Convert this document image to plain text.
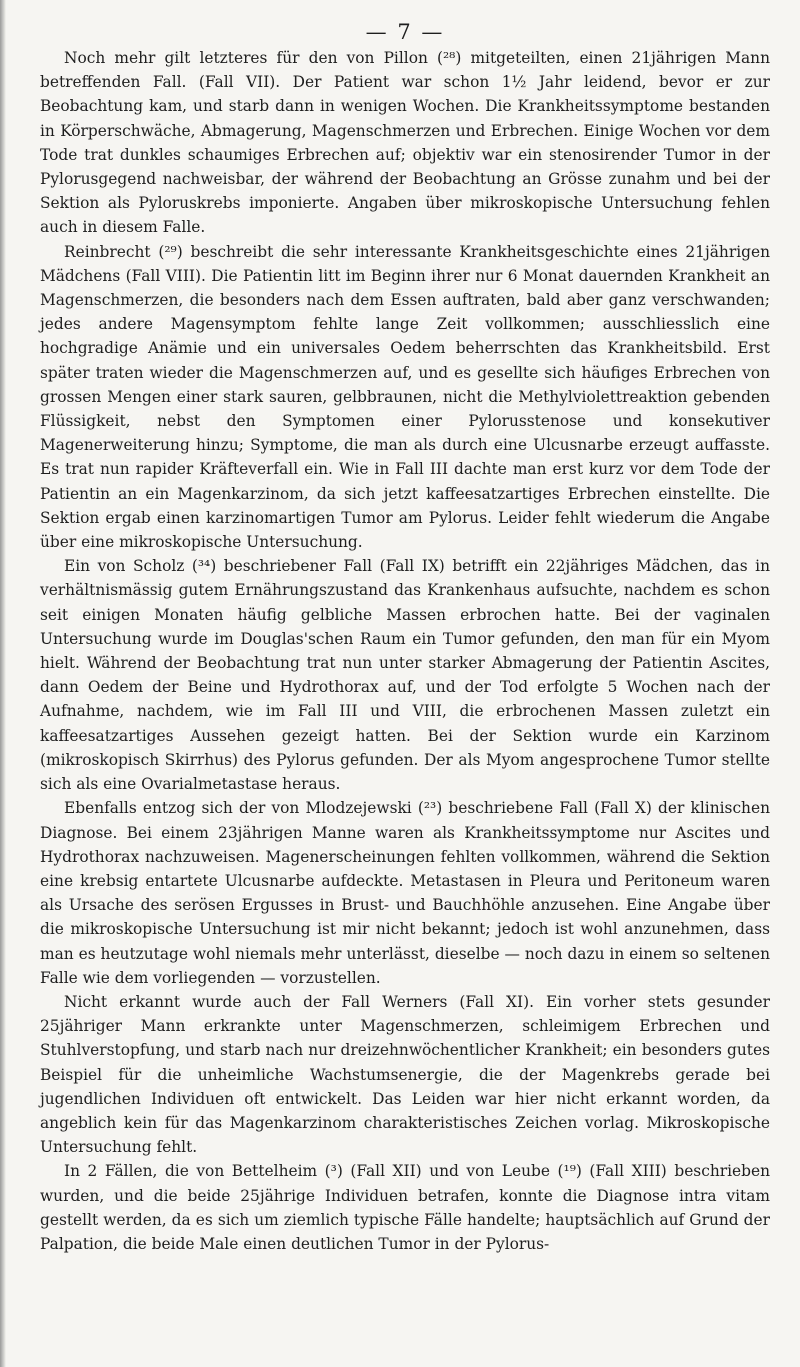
— 7 —

Noch mehr gilt letzteres für den von Pillon (²⁸) mitgeteilten, einen 21jährigen Mann betreffenden Fall. (Fall VII). Der Patient war schon 1½ Jahr leidend, bevor er zur Beobachtung kam, und starb dann in wenigen Wochen. Die Krankheitssymptome bestanden in Körperschwäche, Abmagerung, Magenschmerzen und Erbrechen. Einige Wochen vor dem Tode trat dunkles schaumiges Erbrechen auf; objektiv war ein stenosirender Tumor in der Pylorusgegend nachweisbar, der während der Beobachtung an Grösse zunahm und bei der Sektion als Pyloruskrebs imponierte. Angaben über mikroskopische Untersuchung fehlen auch in diesem Falle.

Reinbrecht (²⁹) beschreibt die sehr interessante Krankheitsgeschichte eines 21jährigen Mädchens (Fall VIII). Die Patientin litt im Beginn ihrer nur 6 Monat dauernden Krankheit an Magenschmerzen, die besonders nach dem Essen auftraten, bald aber ganz verschwanden; jedes andere Magensymptom fehlte lange Zeit vollkommen; ausschliesslich eine hochgradige Anämie und ein universales Oedem beherrschten das Krankheitsbild. Erst später traten wieder die Magenschmerzen auf, und es gesellte sich häufiges Erbrechen von grossen Mengen einer stark sauren, gelbbraunen, nicht die Methylviolettreaktion gebenden Flüssigkeit, nebst den Symptomen einer Pylorusstenose und konsekutiver Magenerweiterung hinzu; Symptome, die man als durch eine Ulcusnarbe erzeugt auffasste. Es trat nun rapider Kräfteverfall ein. Wie in Fall III dachte man erst kurz vor dem Tode der Patientin an ein Magenkarzinom, da sich jetzt kaffeesatzartiges Erbrechen einstellte. Die Sektion ergab einen karzinomartigen Tumor am Pylorus. Leider fehlt wiederum die Angabe über eine mikroskopische Untersuchung.

Ein von Scholz (³⁴) beschriebener Fall (Fall IX) betrifft ein 22jähriges Mädchen, das in verhältnismässig gutem Ernährungszustand das Krankenhaus aufsuchte, nachdem es schon seit einigen Monaten häufig gelbliche Massen erbrochen hatte. Bei der vaginalen Untersuchung wurde im Douglas'schen Raum ein Tumor gefunden, den man für ein Myom hielt. Während der Beobachtung trat nun unter starker Abmagerung der Patientin Ascites, dann Oedem der Beine und Hydrothorax auf, und der Tod erfolgte 5 Wochen nach der Aufnahme, nachdem, wie im Fall III und VIII, die erbrochenen Massen zuletzt ein kaffeesatzartiges Aussehen gezeigt hatten. Bei der Sektion wurde ein Karzinom (mikroskopisch Skirrhus) des Pylorus gefunden. Der als Myom angesprochene Tumor stellte sich als eine Ovarialmetastase heraus.

Ebenfalls entzog sich der von Mlodzejewski (²³) beschriebene Fall (Fall X) der klinischen Diagnose. Bei einem 23jährigen Manne waren als Krankheitssymptome nur Ascites und Hydrothorax nachzuweisen. Magenerscheinungen fehlten vollkommen, während die Sektion eine krebsig entartete Ulcusnarbe aufdeckte. Metastasen in Pleura und Peritoneum waren als Ursache des serösen Ergusses in Brust- und Bauchhöhle anzusehen. Eine Angabe über die mikroskopische Untersuchung ist mir nicht bekannt; jedoch ist wohl anzunehmen, dass man es heutzutage wohl niemals mehr unterlässt, dieselbe — noch dazu in einem so seltenen Falle wie dem vorliegenden — vorzustellen.

Nicht erkannt wurde auch der Fall Werners (Fall XI). Ein vorher stets gesunder 25jähriger Mann erkrankte unter Magenschmerzen, schleimigem Erbrechen und Stuhlverstopfung, und starb nach nur dreizehnwöchentlicher Krankheit; ein besonders gutes Beispiel für die unheimliche Wachstumsenergie, die der Magenkrebs gerade bei jugendlichen Individuen oft entwickelt. Das Leiden war hier nicht erkannt worden, da angeblich kein für das Magenkarzinom charakteristisches Zeichen vorlag. Mikroskopische Untersuchung fehlt.

In 2 Fällen, die von Bettelheim (³) (Fall XII) und von Leube (¹⁹) (Fall XIII) beschrieben wurden, und die beide 25jährige Individuen betrafen, konnte die Diagnose intra vitam gestellt werden, da es sich um ziemlich typische Fälle handelte; hauptsächlich auf Grund der Palpation, die beide Male einen deutlichen Tumor in der Pylorus-
